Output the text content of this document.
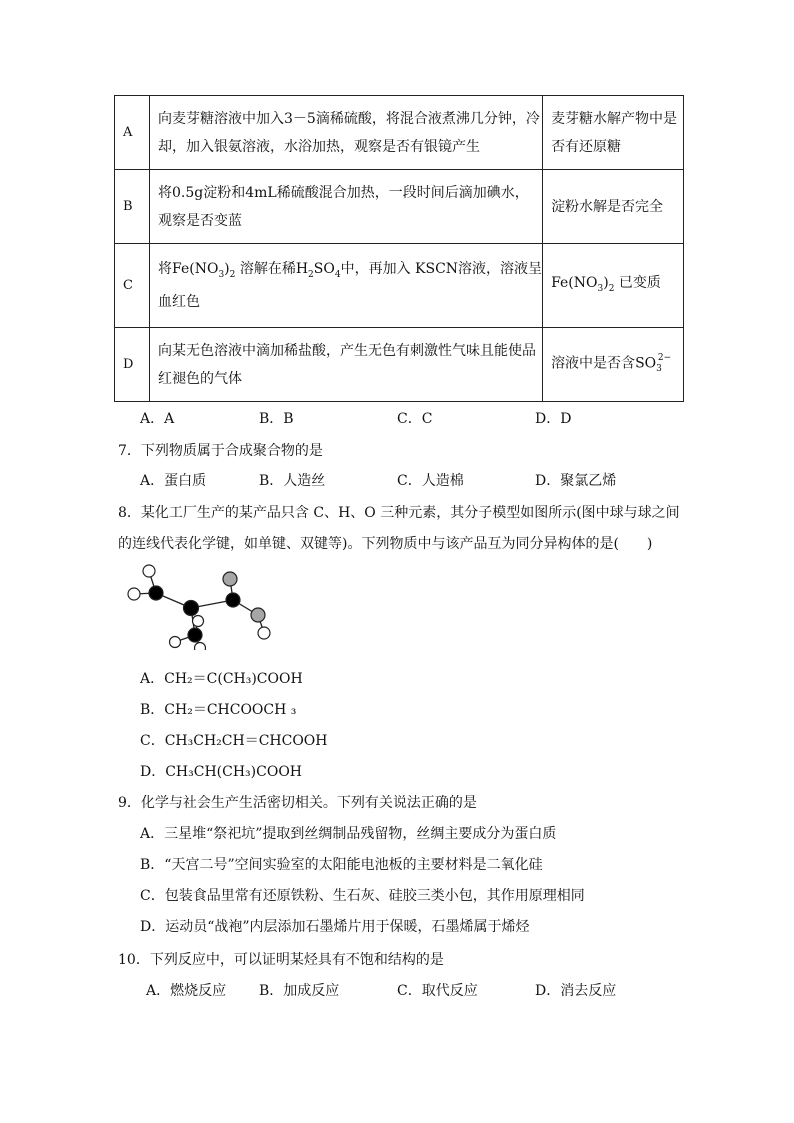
A	向麦芽糖溶液中加入3－5滴稀硫酸，将混合液煮沸几分钟，冷
却，加入银氨溶液，水浴加热，观察是否有银镜产生	麦芽糖水解产物中是
否有还原糖

B	将0.5g淀粉和4mL稀硫酸混合加热，一段时间后滴加碘水，
观察是否变蓝	淀粉水解是否完全

C	将$Fe(NO_3)_2$ 溶解在稀$H_2SO_4$中，再加入 KSCN溶液，溶液呈
血红色	$Fe(NO_3)_2$ 已变质

D	向某无色溶液中滴加稀盐酸，产生无色有刺激性气味且能使品
红褪色的气体	溶液中是否含$SO_3^{2-}$
A．A	B．B	C．C	D．D
7．下列物质属于合成聚合物的是
A．蛋白质	B．人造丝	C．人造棉	D．聚氯乙烯
8．某化工厂生产的某产品只含 C、H、O 三种元素，其分子模型如图所示(图中球与球之间
的连线代表化学键，如单键、双键等)。下列物质中与该产品互为同分异构体的是(　　)
A．CH₂＝C(CH₃)COOH
B．CH₂＝CHCOOCH ₃
C．CH₃CH₂CH＝CHCOOH
D．CH₃CH(CH₃)COOH
9．化学与社会生产生活密切相关。下列有关说法正确的是
A．三星堆“祭祀坑”提取到丝绸制品残留物，丝绸主要成分为蛋白质
B．“天宫二号”空间实验室的太阳能电池板的主要材料是二氧化硅
C．包装食品里常有还原铁粉、生石灰、硅胶三类小包，其作用原理相同
D．运动员“战袍”内层添加石墨烯片用于保暖，石墨烯属于烯烃
10．下列反应中，可以证明某烃具有不饱和结构的是
A．燃烧反应 B．加成反应	C．取代反应	D．消去反应
